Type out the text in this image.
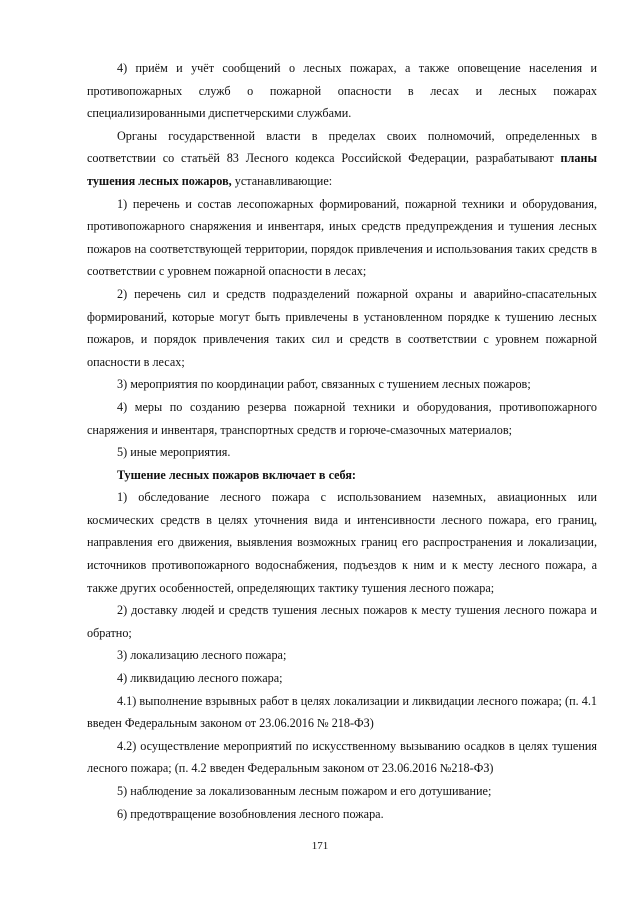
4) приём и учёт сообщений о лесных пожарах, а также оповещение населения и противопожарных служб о пожарной опасности в лесах и лесных пожарах специализированными диспетчерскими службами.

Органы государственной власти в пределах своих полномочий, определенных в соответствии со статьёй 83 Лесного кодекса Российской Федерации, разрабатывают планы тушения лесных пожаров, устанавливающие:

1) перечень и состав лесопожарных формирований, пожарной техники и оборудования, противопожарного снаряжения и инвентаря, иных средств предупреждения и тушения лесных пожаров на соответствующей территории, порядок привлечения и использования таких средств в соответствии с уровнем пожарной опасности в лесах;

2) перечень сил и средств подразделений пожарной охраны и аварийно-спасательных формирований, которые могут быть привлечены в установленном порядке к тушению лесных пожаров, и порядок привлечения таких сил и средств в соответствии с уровнем пожарной опасности в лесах;

3) мероприятия по координации работ, связанных с тушением лесных пожаров;

4) меры по созданию резерва пожарной техники и оборудования, противопожарного снаряжения и инвентаря, транспортных средств и горюче-смазочных материалов;

5) иные мероприятия.

Тушение лесных пожаров включает в себя:

1) обследование лесного пожара с использованием наземных, авиационных или космических средств в целях уточнения вида и интенсивности лесного пожара, его границ, направления его движения, выявления возможных границ его распространения и локализации, источников противопожарного водоснабжения, подъездов к ним и к месту лесного пожара, а также других особенностей, определяющих тактику тушения лесного пожара;

2) доставку людей и средств тушения лесных пожаров к месту тушения лесного пожара и обратно;

3) локализацию лесного пожара;

4) ликвидацию лесного пожара;

4.1) выполнение взрывных работ в целях локализации и ликвидации лесного пожара; (п. 4.1 введен Федеральным законом от 23.06.2016 № 218-ФЗ)

4.2) осуществление мероприятий по искусственному вызыванию осадков в целях тушения лесного пожара; (п. 4.2 введен Федеральным законом от 23.06.2016 №218-ФЗ)

5) наблюдение за локализованным лесным пожаром и его дотушивание;

6) предотвращение возобновления лесного пожара.

171
